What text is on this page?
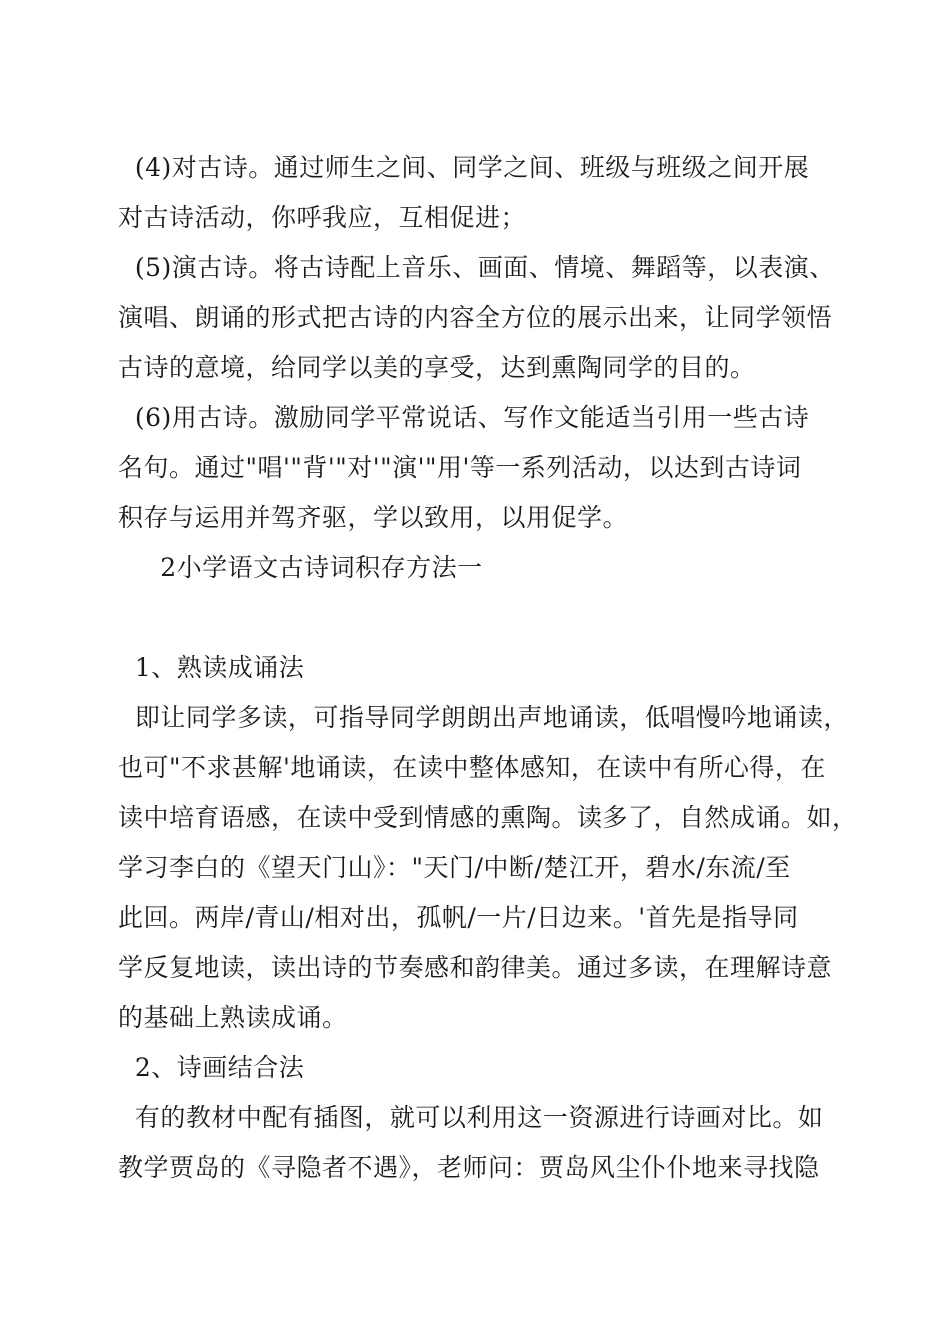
(4)对古诗。通过师生之间、同学之间、班级与班级之间开展
对古诗活动，你呼我应，互相促进；
(5)演古诗。将古诗配上音乐、画面、情境、舞蹈等，以表演、
演唱、朗诵的形式把古诗的内容全方位的展示出来，让同学领悟
古诗的意境，给同学以美的享受，达到熏陶同学的目的。
(6)用古诗。激励同学平常说话、写作文能适当引用一些古诗
名句。通过"唱'"背'"对'"演'"用'等一系列活动，以达到古诗词
积存与运用并驾齐驱，学以致用，以用促学。
2小学语文古诗词积存方法一
1、熟读成诵法
即让同学多读，可指导同学朗朗出声地诵读，低唱慢吟地诵读，
也可"不求甚解'地诵读，在读中整体感知，在读中有所心得，在
读中培育语感，在读中受到情感的熏陶。读多了，自然成诵。如，
学习李白的《望天门山》："天门/中断/楚江开，碧水/东流/至
此回。两岸/青山/相对出，孤帆/一片/日边来。'首先是指导同
学反复地读，读出诗的节奏感和韵律美。通过多读，在理解诗意
的基础上熟读成诵。
2、诗画结合法
有的教材中配有插图，就可以利用这一资源进行诗画对比。如
教学贾岛的《寻隐者不遇》，老师问：贾岛风尘仆仆地来寻找隐
